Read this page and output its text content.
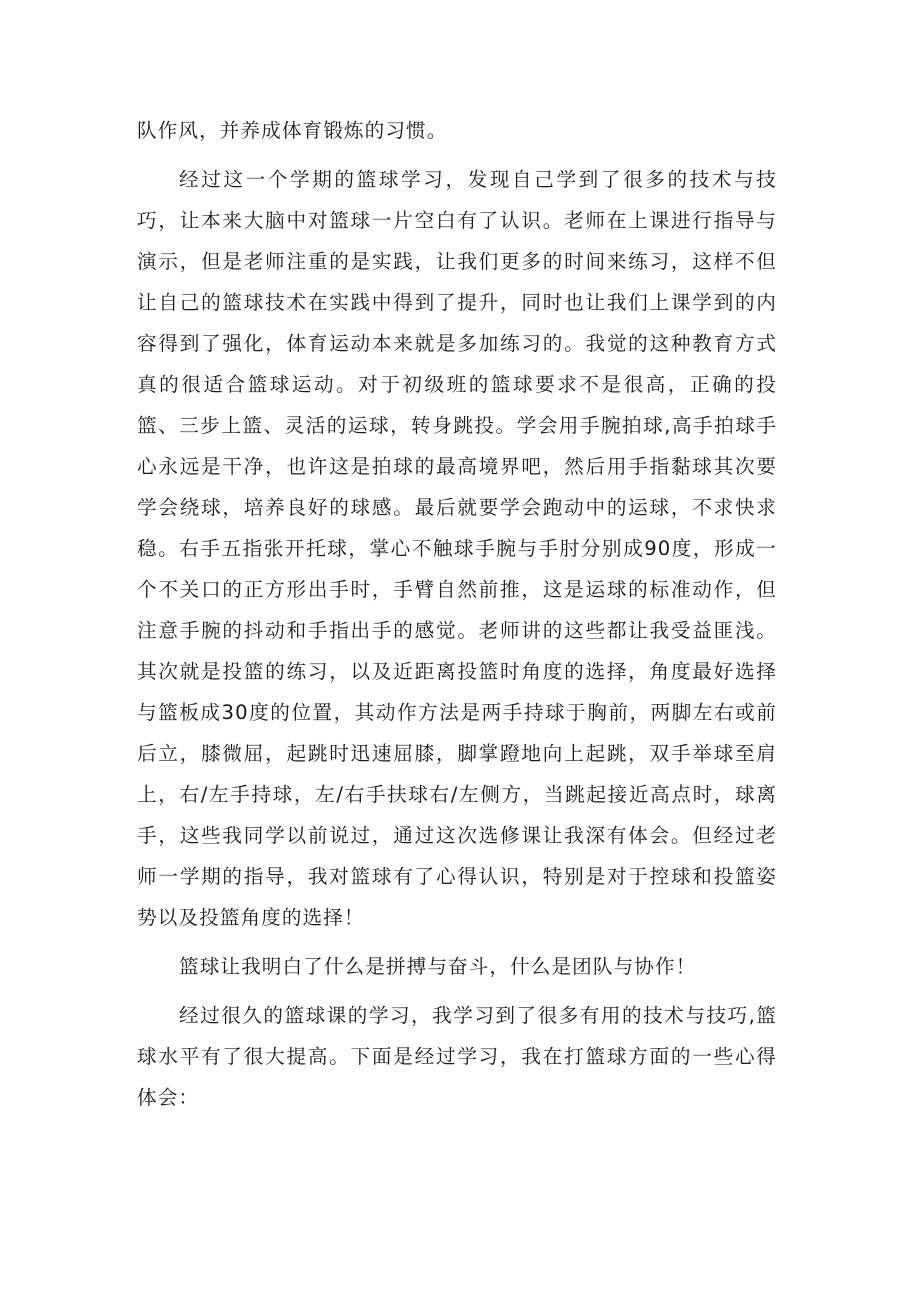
队作风，并养成体育锻炼的习惯。

经过这一个学期的篮球学习，发现自己学到了很多的技术与技巧，让本来大脑中对篮球一片空白有了认识。老师在上课进行指导与演示，但是老师注重的是实践，让我们更多的时间来练习，这样不但让自己的篮球技术在实践中得到了提升，同时也让我们上课学到的内容得到了强化，体育运动本来就是多加练习的。我觉的这种教育方式真的很适合篮球运动。对于初级班的篮球要求不是很高，正确的投篮、三步上篮、灵活的运球，转身跳投。学会用手腕拍球,高手拍球手心永远是干净，也许这是拍球的最高境界吧，然后用手指黏球其次要学会绕球，培养良好的球感。最后就要学会跑动中的运球，不求快求稳。右手五指张开托球，掌心不触球手腕与手肘分别成90度，形成一个不关口的正方形出手时，手臂自然前推，这是运球的标准动作，但注意手腕的抖动和手指出手的感觉。老师讲的这些都让我受益匪浅。其次就是投篮的练习，以及近距离投篮时角度的选择，角度最好选择与篮板成30度的位置，其动作方法是两手持球于胸前，两脚左右或前后立，膝微屈，起跳时迅速屈膝，脚掌蹬地向上起跳，双手举球至肩上，右/左手持球，左/右手扶球右/左侧方，当跳起接近高点时，球离手，这些我同学以前说过，通过这次选修课让我深有体会。但经过老师一学期的指导，我对篮球有了心得认识，特别是对于控球和投篮姿势以及投篮角度的选择！

篮球让我明白了什么是拼搏与奋斗，什么是团队与协作！

经过很久的篮球课的学习，我学习到了很多有用的技术与技巧,篮球水平有了很大提高。下面是经过学习，我在打篮球方面的一些心得体会：
